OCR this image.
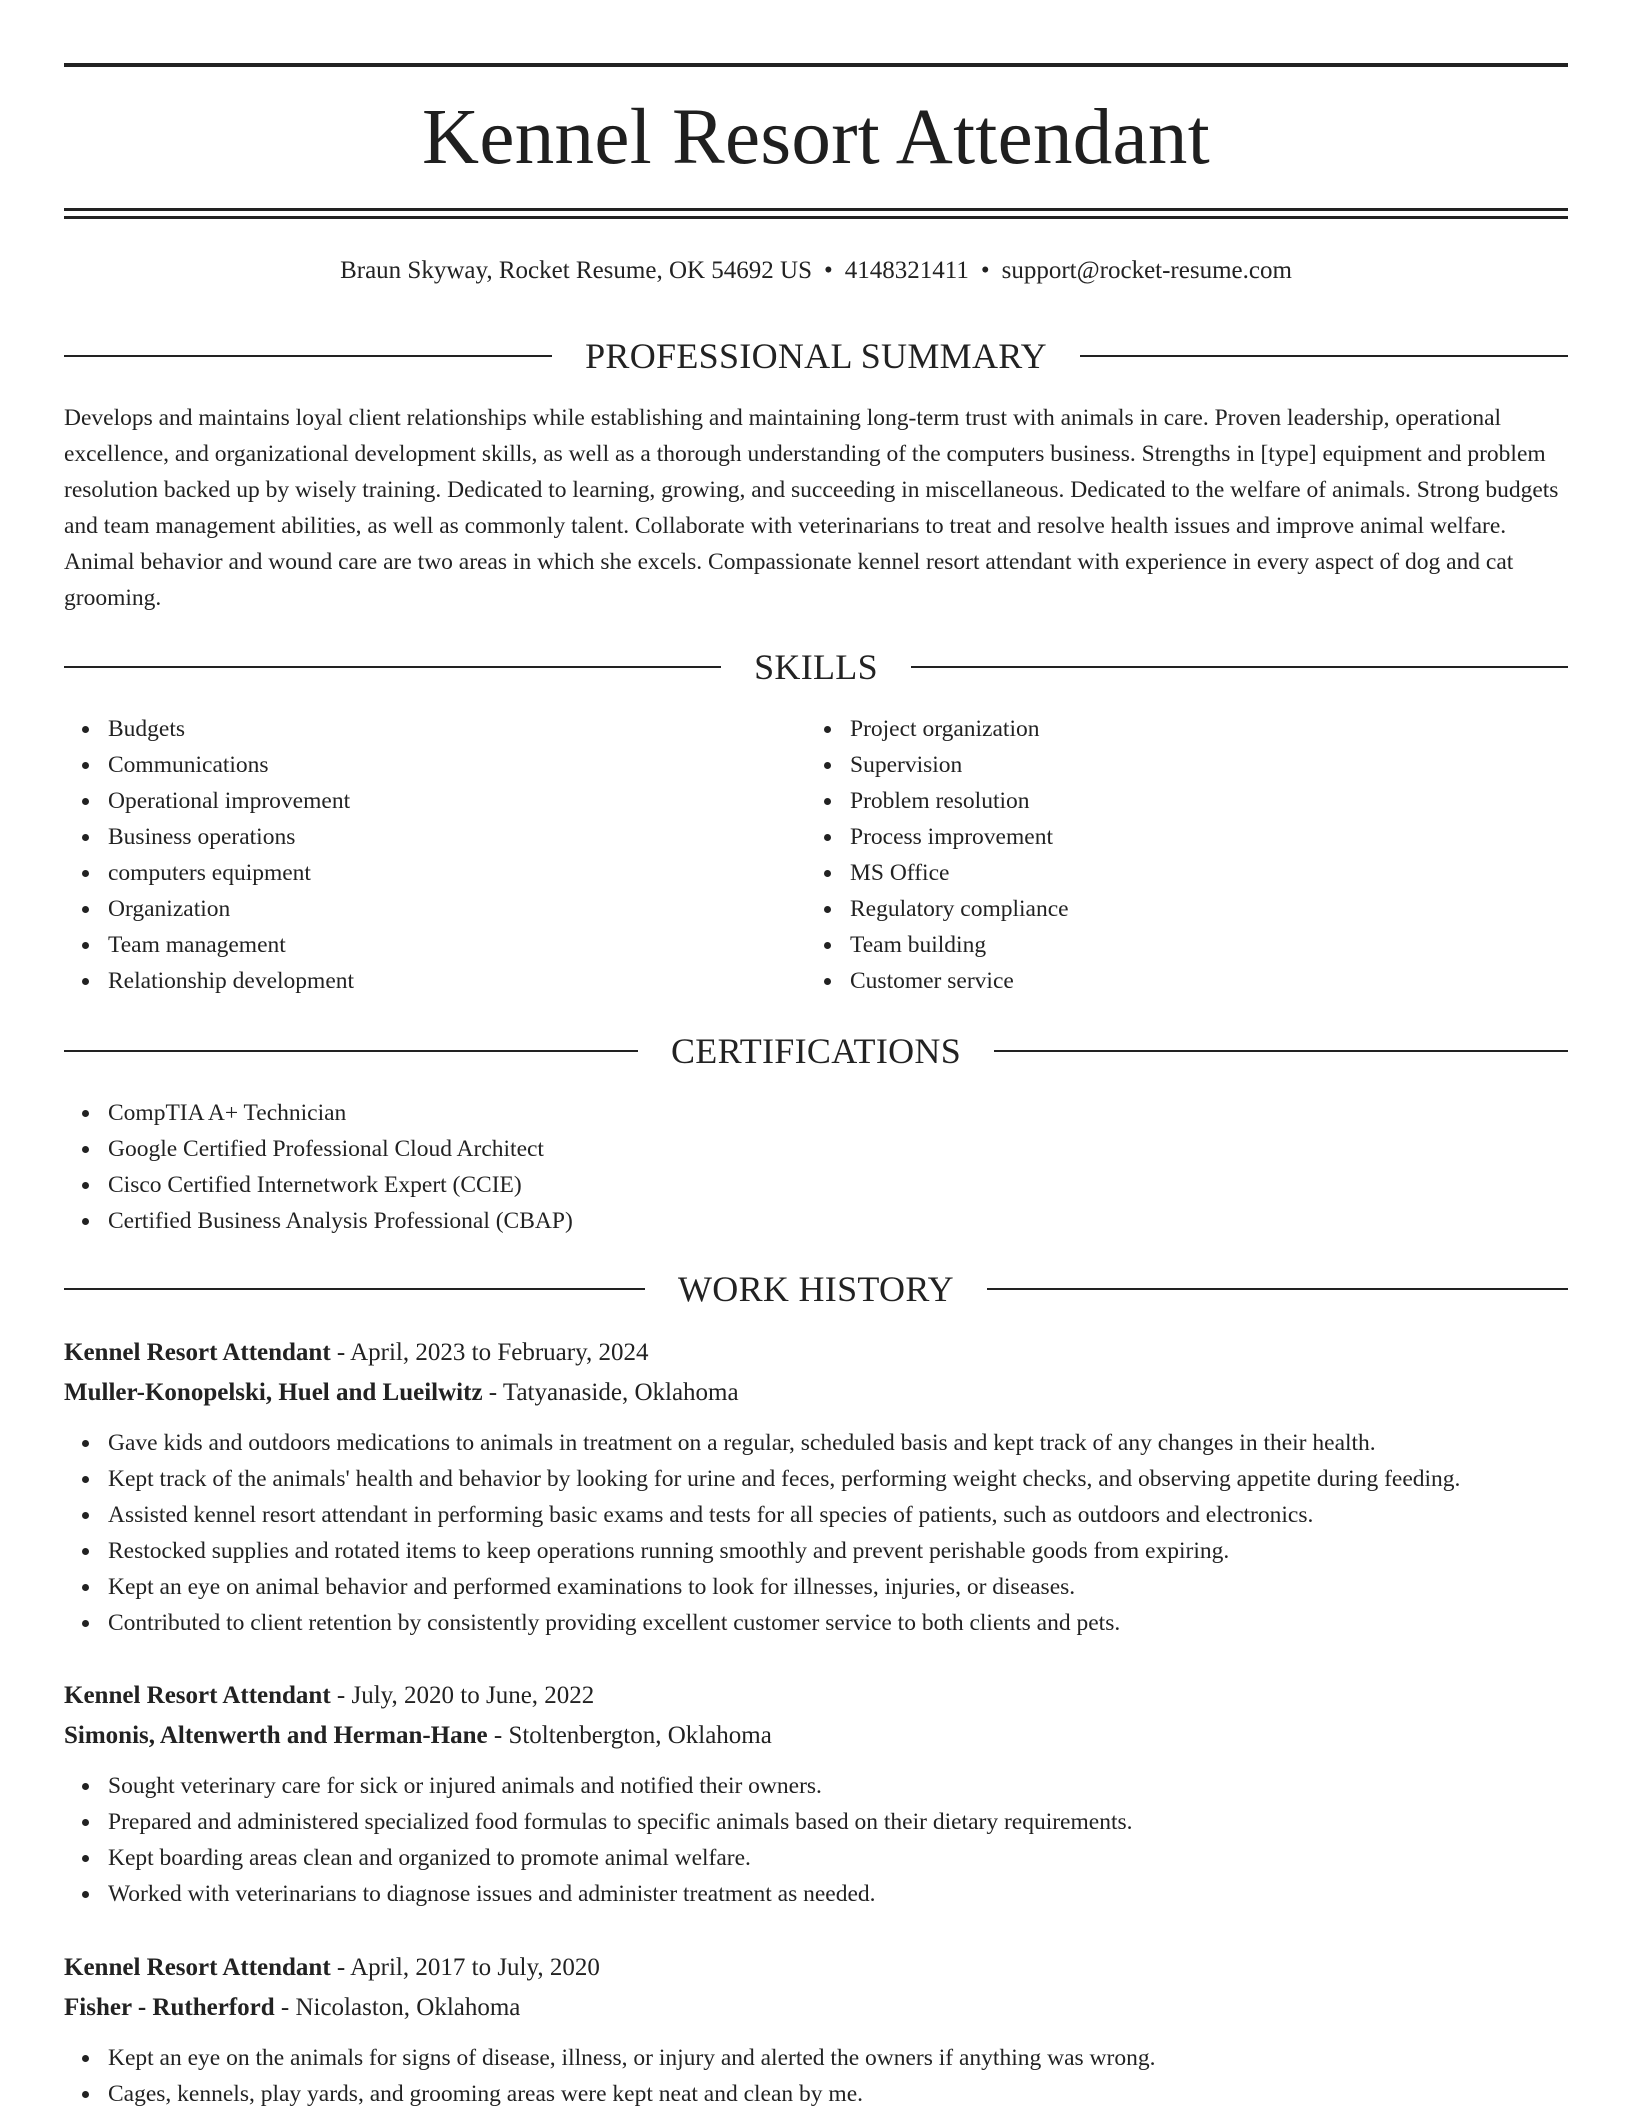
Kennel Resort Attendant
Braun Skyway, Rocket Resume, OK 54692 US • 4148321411 • support@rocket-resume.com
PROFESSIONAL SUMMARY

Develops and maintains loyal client relationships while establishing and maintaining long-term trust with animals in care. Proven leadership, operational excellence, and organizational development skills, as well as a thorough understanding of the computers business. Strengths in [type] equipment and problem resolution backed up by wisely training. Dedicated to learning, growing, and succeeding in miscellaneous. Dedicated to the welfare of animals. Strong budgets and team management abilities, as well as commonly talent. Collaborate with veterinarians to treat and resolve health issues and improve animal welfare. Animal behavior and wound care are two areas in which she excels. Compassionate kennel resort attendant with experience in every aspect of dog and cat grooming.

SKILLS
Budgets
Communications
Operational improvement
Business operations
computers equipment
Organization
Team management
Relationship development
Project organization
Supervision
Problem resolution
Process improvement
MS Office
Regulatory compliance
Team building
Customer service
CERTIFICATIONS
CompTIA A+ Technician
Google Certified Professional Cloud Architect
Cisco Certified Internetwork Expert (CCIE)
Certified Business Analysis Professional (CBAP)
WORK HISTORY
Kennel Resort Attendant - April, 2023 to February, 2024
Muller-Konopelski, Huel and Lueilwitz - Tatyanaside, Oklahoma
Gave kids and outdoors medications to animals in treatment on a regular, scheduled basis and kept track of any changes in their health.
Kept track of the animals' health and behavior by looking for urine and feces, performing weight checks, and observing appetite during feeding.
Assisted kennel resort attendant in performing basic exams and tests for all species of patients, such as outdoors and electronics.
Restocked supplies and rotated items to keep operations running smoothly and prevent perishable goods from expiring.
Kept an eye on animal behavior and performed examinations to look for illnesses, injuries, or diseases.
Contributed to client retention by consistently providing excellent customer service to both clients and pets.
Kennel Resort Attendant - July, 2020 to June, 2022
Simonis, Altenwerth and Herman-Hane - Stoltenbergton, Oklahoma
Sought veterinary care for sick or injured animals and notified their owners.
Prepared and administered specialized food formulas to specific animals based on their dietary requirements.
Kept boarding areas clean and organized to promote animal welfare.
Worked with veterinarians to diagnose issues and administer treatment as needed.
Kennel Resort Attendant - April, 2017 to July, 2020
Fisher - Rutherford - Nicolaston, Oklahoma
Kept an eye on the animals for signs of disease, illness, or injury and alerted the owners if anything was wrong.
Cages, kennels, play yards, and grooming areas were kept neat and clean by me.
